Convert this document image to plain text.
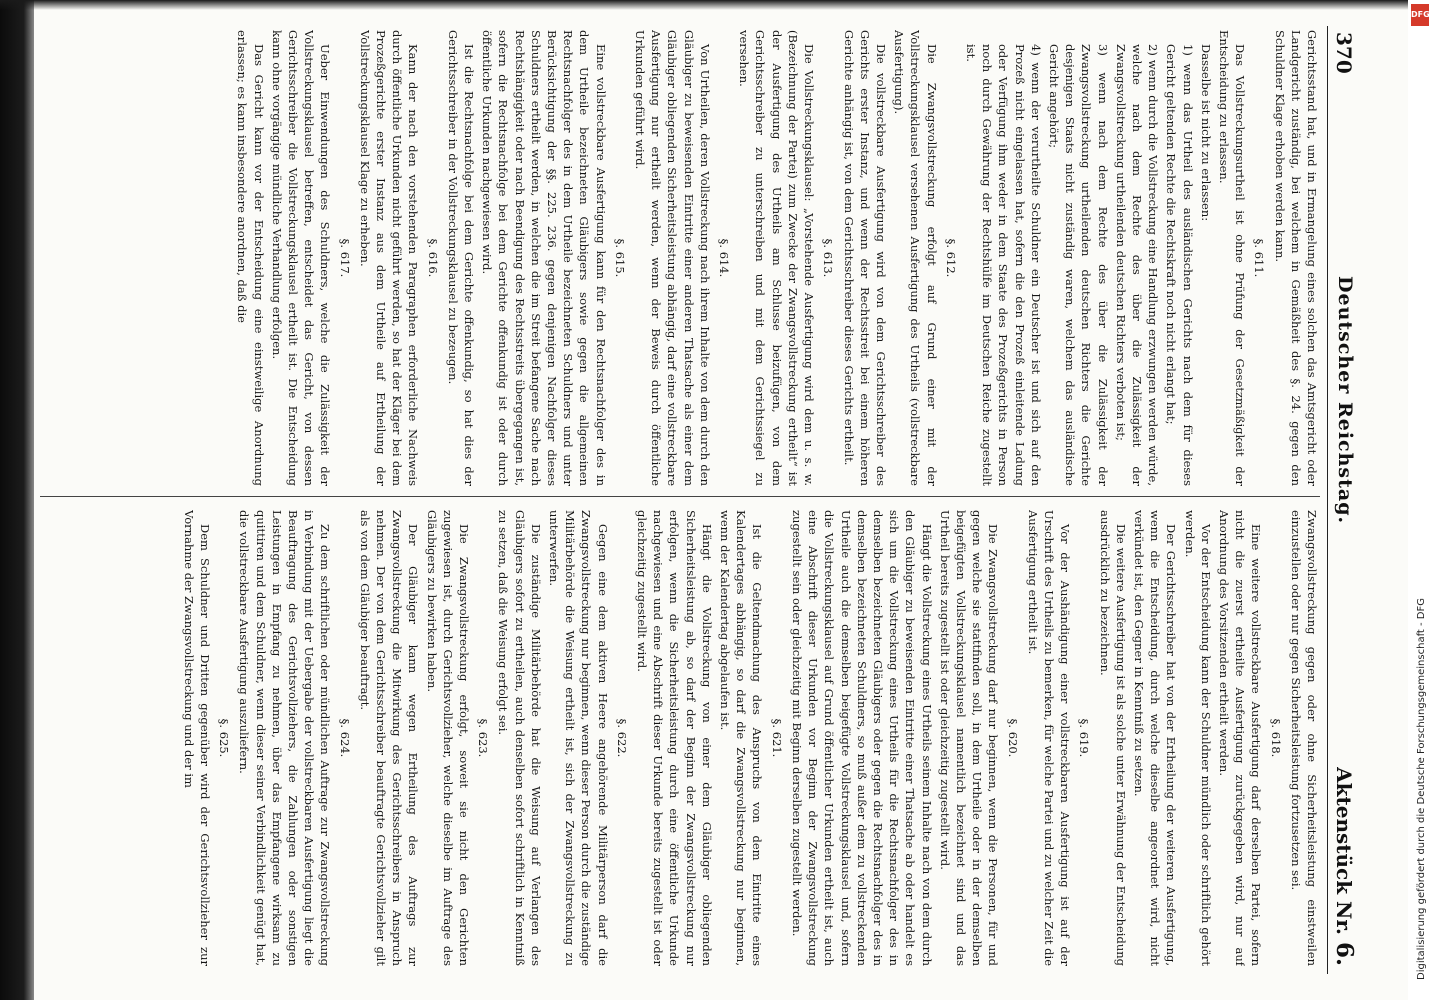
370
Deutscher Reichstag.
Aktenstück Nr. 6.

Gerichtsstand hat, und in Ermangelung eines solchen das Amtsgericht oder Landgericht zuständig, bei welchem in Gemäßheit des §. 24. gegen den Schuldner Klage erhoben werden kann.

§. 611.

Das Vollstreckungsurtheil ist ohne Prüfung der Gesetzmäßigkeit der Entscheidung zu erlassen.

Dasselbe ist nicht zu erlassen:

1) wenn das Urtheil des ausländischen Gerichts nach dem für dieses Gericht geltenden Rechte die Rechtskraft noch nicht erlangt hat;

2) wenn durch die Vollstreckung eine Handlung erzwungen werden würde, welche nach dem Rechte des über die Zulässigkeit der Zwangsvollstreckung urtheilenden deutschen Richters verboten ist;

3) wenn nach dem Rechte des über die Zulässigkeit der Zwangsvollstreckung urtheilenden deutschen Richters die Gerichte desjenigen Staats nicht zuständig waren, welchem das ausländische Gericht angehört;

4) wenn der verurtheilte Schuldner ein Deutscher ist und sich auf den Prozeß nicht eingelassen hat, sofern die den Prozeß einleitende Ladung oder Verfügung ihm weder in dem Staate des Prozeßgerichts in Person noch durch Gewährung der Rechtshülfe im Deutschen Reiche zugestellt ist.

§. 612.

Die Zwangsvollstreckung erfolgt auf Grund einer mit der Vollstreckungsklausel versehenen Ausfertigung des Urtheils (vollstreckbare Ausfertigung).

Die vollstreckbare Ausfertigung wird von dem Gerichtsschreiber des Gerichts erster Instanz, und wenn der Rechtsstreit bei einem höheren Gerichte anhängig ist, von dem Gerichtsschreiber dieses Gerichts ertheilt.

§. 613.

Die Vollstreckungsklausel: „Vorstehende Ausfertigung wird dem u. s. w. (Bezeichnung der Partei) zum Zwecke der Zwangsvollstreckung ertheilt“ ist der Ausfertigung des Urtheils am Schlusse beizufügen, von dem Gerichtsschreiber zu unterschreiben und mit dem Gerichtssiegel zu versehen.

§. 614.

Von Urtheilen, deren Vollstreckung nach ihrem Inhalte von dem durch den Gläubiger zu beweisenden Eintritte einer anderen Thatsache als einer dem Gläubiger obliegenden Sicherheitsleistung abhängig, darf eine vollstreckbare Ausfertigung nur ertheilt werden, wenn der Beweis durch öffentliche Urkunden geführt wird.

§. 615.

Eine vollstreckbare Ausfertigung kann für den Rechtsnachfolger des in dem Urtheile bezeichneten Gläubigers sowie gegen die allgemeinen Rechtsnachfolger des in dem Urtheile bezeichneten Schuldners und unter Berücksichtigung der §§. 225. 236. gegen denjenigen Nachfolger dieses Schuldners ertheilt werden, in welchen die im Streit befangene Sache nach Rechtshängigkeit oder nach Beendigung des Rechtsstreits übergegangen ist, sofern die Rechtsnachfolge bei dem Gerichte offenkundig ist oder durch öffentliche Urkunden nachgewiesen wird.

Ist die Rechtsnachfolge bei dem Gerichte offenkundig, so hat dies der Gerichtsschreiber in der Vollstreckungsklausel zu bezeugen.

§. 616.

Kann der nach den vorstehenden Paragraphen erforderliche Nachweis durch öffentliche Urkunden nicht geführt werden, so hat der Kläger bei dem Prozeßgerichte erster Instanz aus dem Urtheile auf Ertheilung der Vollstreckungsklausel Klage zu erheben.

§. 617.

Ueber Einwendungen des Schuldners, welche die Zulässigkeit der Vollstreckungsklausel betreffen, entscheidet das Gericht, von dessen Gerichtsschreiber die Vollstreckungsklausel ertheilt ist. Die Entscheidung kann ohne vorgängige mündliche Verhandlung erfolgen.

Das Gericht kann vor der Entscheidung eine einstweilige Anordnung erlassen; es kann insbesondere anordnen, daß die

Zwangsvollstreckung gegen oder ohne Sicherheitsleistung einstweilen einzustellen oder nur gegen Sicherheitsleistung fortzusetzen sei.

§. 618.

Eine weitere vollstreckbare Ausfertigung darf derselben Partei, sofern nicht die zuerst ertheilte Ausfertigung zurückgegeben wird, nur auf Anordnung des Vorsitzenden ertheilt werden.

Vor der Entscheidung kann der Schuldner mündlich oder schriftlich gehört werden.

Der Gerichtsschreiber hat von der Ertheilung der weiteren Ausfertigung, wenn die Entscheidung, durch welche dieselbe angeordnet wird, nicht verkündet ist, den Gegner in Kenntniß zu setzen.

Die weitere Ausfertigung ist als solche unter Erwähnung der Entscheidung ausdrücklich zu bezeichnen.

§. 619.

Vor der Aushändigung einer vollstreckbaren Ausfertigung ist auf der Urschrift des Urtheils zu bemerken, für welche Partei und zu welcher Zeit die Ausfertigung ertheilt ist.

§. 620.

Die Zwangsvollstreckung darf nur beginnen, wenn die Personen, für und gegen welche sie stattfinden soll, in dem Urtheile oder in der demselben beigefügten Vollstreckungsklausel namentlich bezeichnet sind und das Urtheil bereits zugestellt ist oder gleichzeitig zugestellt wird.

Hängt die Vollstreckung eines Urtheils seinem Inhalte nach von dem durch den Gläubiger zu beweisenden Eintritte einer Thatsache ab oder handelt es sich um die Vollstreckung eines Urtheils für die Rechtsnachfolger des in demselben bezeichneten Gläubigers oder gegen die Rechtsnachfolger des in demselben bezeichneten Schuldners, so muß außer dem zu vollstreckenden Urtheile auch die demselben beigefügte Vollstreckungsklausel und, sofern die Vollstreckungsklausel auf Grund öffentlicher Urkunden ertheilt ist, auch eine Abschrift dieser Urkunden vor Beginn der Zwangsvollstreckung zugestellt sein oder gleichzeitig mit Beginn derselben zugestellt werden.

§. 621.

Ist die Geltendmachung des Anspruchs von dem Eintritte eines Kalendertages abhängig, so darf die Zwangsvollstreckung nur beginnen, wenn der Kalendertag abgelaufen ist.

Hängt die Vollstreckung von einer dem Gläubiger obliegenden Sicherheitsleistung ab, so darf der Beginn der Zwangsvollstreckung nur erfolgen, wenn die Sicherheitsleistung durch eine öffentliche Urkunde nachgewiesen und eine Abschrift dieser Urkunde bereits zugestellt ist oder gleichzeitig zugestellt wird.

§. 622.

Gegen eine dem aktiven Heere angehörende Militärperson darf die Zwangsvollstreckung nur beginnen, wenn dieser Person durch die zuständige Militärbehörde die Weisung ertheilt ist, sich der Zwangsvollstreckung zu unterwerfen.

Die zuständige Militärbehörde hat die Weisung auf Verlangen des Gläubigers sofort zu ertheilen, auch denselben sofort schriftlich in Kenntniß zu setzen, daß die Weisung erfolgt sei.

§. 623.

Die Zwangsvollstreckung erfolgt, soweit sie nicht den Gerichten zugewiesen ist, durch Gerichtsvollzieher, welche dieselbe im Auftrage des Gläubigers zu bewirken haben.

Der Gläubiger kann wegen Ertheilung des Auftrags zur Zwangsvollstreckung die Mitwirkung des Gerichtsschreibers in Anspruch nehmen. Der von dem Gerichtsschreiber beauftragte Gerichtsvollzieher gilt als von dem Gläubiger beauftragt.

§. 624.

Zu dem schriftlichen oder mündlichen Auftrage zur Zwangsvollstreckung in Verbindung mit der Uebergabe der vollstreckbaren Ausfertigung liegt die Beauftragung des Gerichtsvollziehers, die Zahlungen oder sonstigen Leistungen in Empfang zu nehmen, über das Empfangene wirksam zu quittiren und dem Schuldner, wenn dieser seiner Verbindlichkeit genügt hat, die vollstreckbare Ausfertigung auszuliefern.

§. 625.

Dem Schuldner und Dritten gegenüber wird der Gerichtsvollzieher zur Vornahme der Zwangsvollstreckung und der im

DFG
Digitalisierung gefördert durch die Deutsche Forschungsgemeinschaft - DFG
